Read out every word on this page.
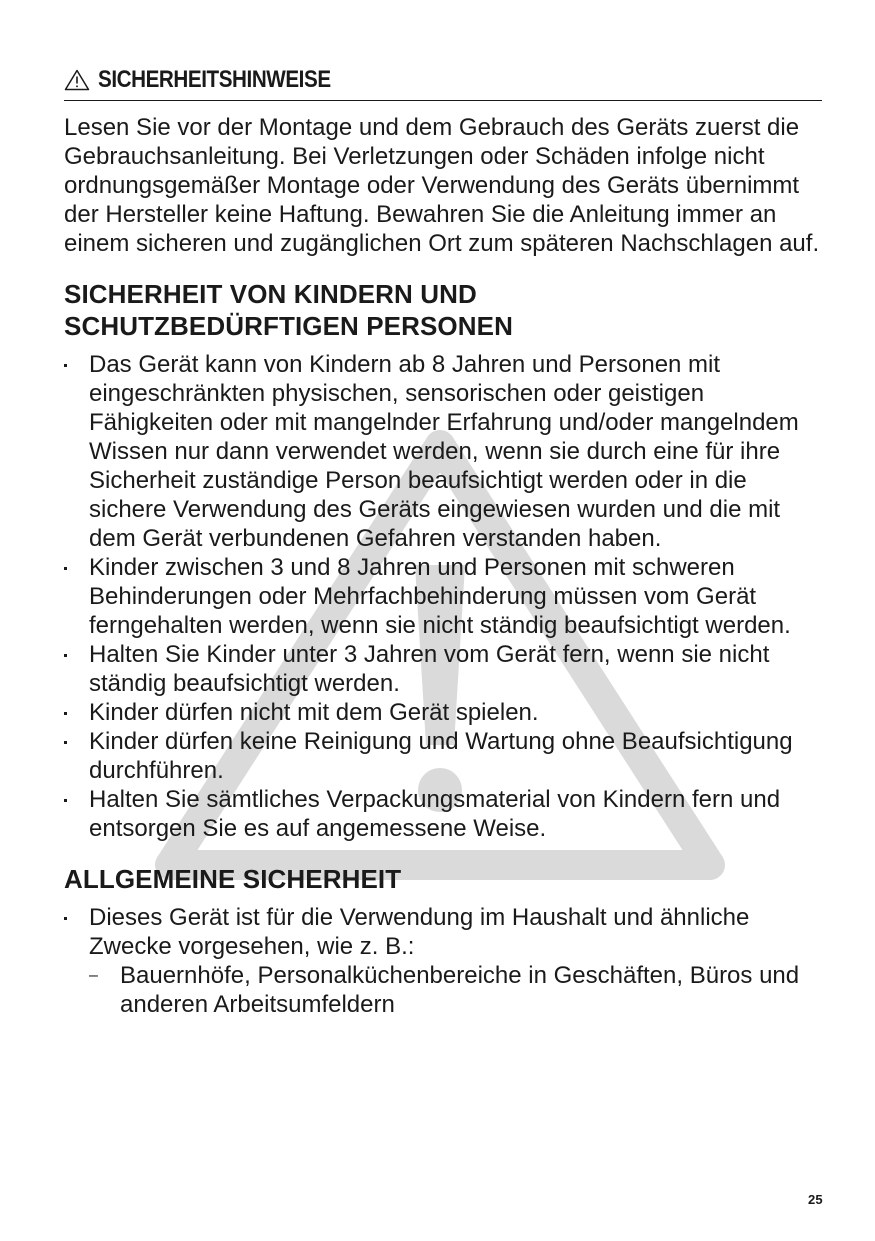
SICHERHEITSHINWEISE

Lesen Sie vor der Montage und dem Gebrauch des Geräts zuerst die Gebrauchsanleitung. Bei Verletzungen oder Schäden infolge nicht ordnungsgemäßer Montage oder Verwendung des Geräts übernimmt der Hersteller keine Haftung. Bewahren Sie die Anleitung immer an einem sicheren und zugänglichen Ort zum späteren Nachschlagen auf.

SICHERHEIT VON KINDERN UND
SCHUTZBEDÜRFTIGEN PERSONEN
Das Gerät kann von Kindern ab 8 Jahren und Personen mit eingeschränkten physischen, sensorischen oder geistigen Fähigkeiten oder mit mangelnder Erfahrung und/oder mangelndem Wissen nur dann verwendet werden, wenn sie durch eine für ihre Sicherheit zuständige Person beaufsichtigt werden oder in die sichere Verwendung des Geräts eingewiesen wurden und die mit dem Gerät verbundenen Gefahren verstanden haben.
Kinder zwischen 3 und 8 Jahren und Personen mit schweren Behinderungen oder Mehrfachbehinderung müssen vom Gerät ferngehalten werden, wenn sie nicht ständig beaufsichtigt werden.
Halten Sie Kinder unter 3 Jahren vom Gerät fern, wenn sie nicht ständig beaufsichtigt werden.
Kinder dürfen nicht mit dem Gerät spielen.
Kinder dürfen keine Reinigung und Wartung ohne Beaufsichtigung durchführen.
Halten Sie sämtliches Verpackungsmaterial von Kindern fern und entsorgen Sie es auf angemessene Weise.
ALLGEMEINE SICHERHEIT
Dieses Gerät ist für die Verwendung im Haushalt und ähnliche Zwecke vorgesehen, wie z. B.:
– Bauernhöfe, Personalküchenbereiche in Geschäften, Büros und anderen Arbeitsumfeldern
25
